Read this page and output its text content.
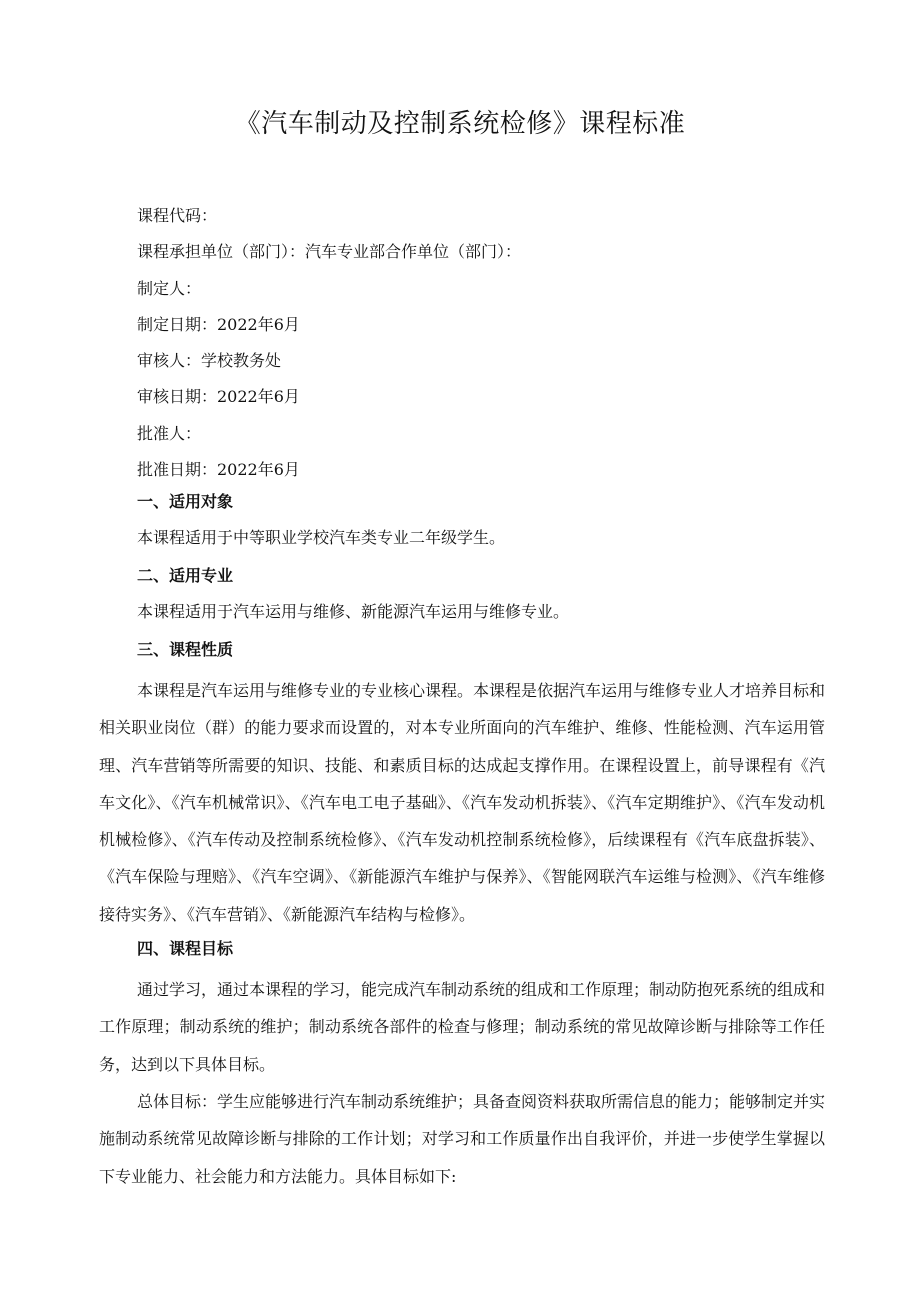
《汽车制动及控制系统检修》课程标准
课程代码：
课程承担单位（部门）：汽车专业部合作单位（部门）：
制定人：
制定日期：2022年6月
审核人：学校教务处
审核日期：2022年6月
批准人：
批准日期：2022年6月
一、适用对象
本课程适用于中等职业学校汽车类专业二年级学生。
二、适用专业
本课程适用于汽车运用与维修、新能源汽车运用与维修专业。
三、课程性质

本课程是汽车运用与维修专业的专业核心课程。本课程是依据汽车运用与维修专业人才培养目标和相关职业岗位（群）的能力要求而设置的，对本专业所面向的汽车维护、维修、性能检测、汽车运用管理、汽车营销等所需要的知识、技能、和素质目标的达成起支撑作用。在课程设置上，前导课程有《汽车文化》、《汽车机械常识》、《汽车电工电子基础》、《汽车发动机拆装》、《汽车定期维护》、《汽车发动机机械检修》、《汽车传动及控制系统检修》、《汽车发动机控制系统检修》，后续课程有《汽车底盘拆装》、《汽车保险与理赔》、《汽车空调》、《新能源汽车维护与保养》、《智能网联汽车运维与检测》、《汽车维修接待实务》、《汽车营销》、《新能源汽车结构与检修》。

四、课程目标

通过学习，通过本课程的学习，能完成汽车制动系统的组成和工作原理；制动防抱死系统的组成和工作原理；制动系统的维护；制动系统各部件的检查与修理；制动系统的常见故障诊断与排除等工作任务，达到以下具体目标。

总体目标：学生应能够进行汽车制动系统维护；具备查阅资料获取所需信息的能力；能够制定并实施制动系统常见故障诊断与排除的工作计划；对学习和工作质量作出自我评价，并进一步使学生掌握以下专业能力、社会能力和方法能力。具体目标如下:
